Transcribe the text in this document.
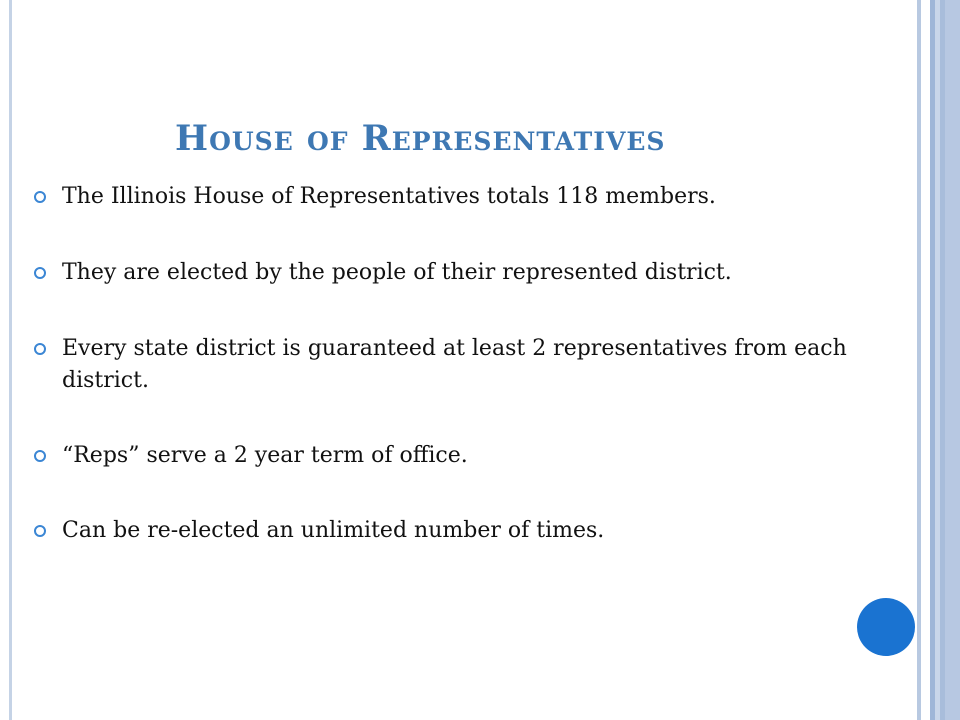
House of Representatives
The Illinois House of Representatives totals 118 members.
They are elected by the people of their represented district.
Every state district is guaranteed at least 2 representatives from each district.
“Reps” serve a 2 year term of office.
Can be re-elected an unlimited number of times.
